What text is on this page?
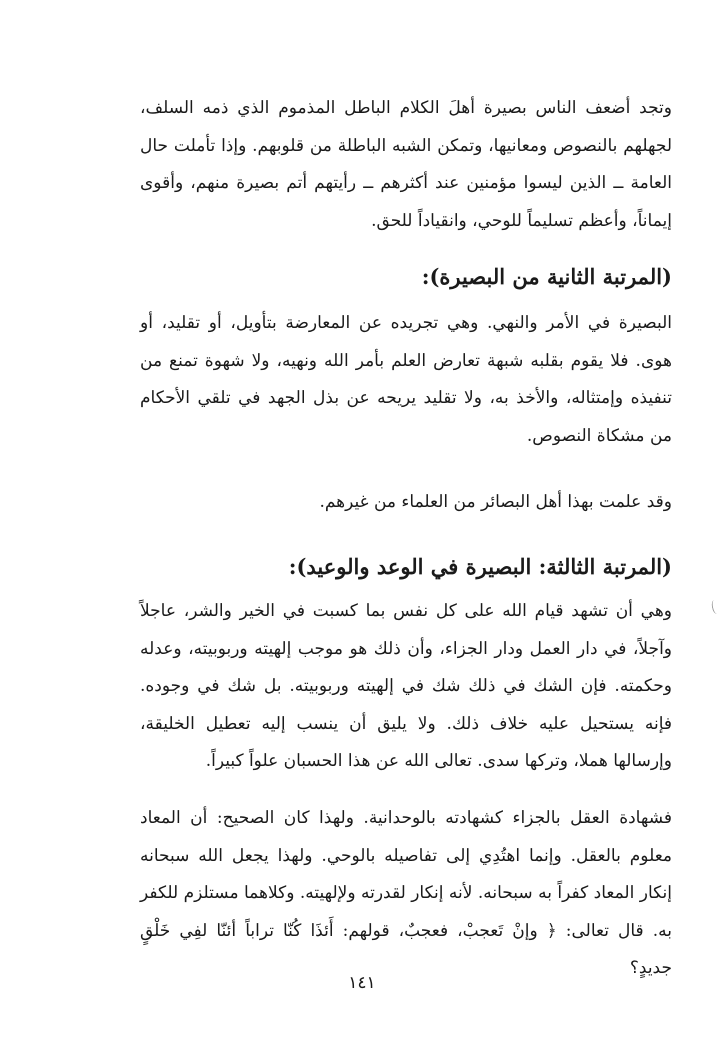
وتجد أضعف الناس بصيرة أهلَ الكلام الباطل المذموم الذي ذمه السلف، لجهلهم بالنصوص ومعانيها، وتمكن الشبه الباطلة من قلوبهم. وإذا تأملت حال العامة ــ الذين ليسوا مؤمنين عند أكثرهم ــ رأيتهم أتم بصيرة منهم، وأقوى إيماناً، وأعظم تسليماً للوحي، وانقياداً للحق.
(المرتبة الثانية من البصيرة):
البصيرة في الأمر والنهي. وهي تجريده عن المعارضة بتأويل، أو تقليد، أو هوى. فلا يقوم بقلبه شبهة تعارض العلم بأمر الله ونهيه، ولا شهوة تمنع من تنفيذه وإمتثاله، والأخذ به، ولا تقليد يريحه عن بذل الجهد في تلقي الأحكام من مشكاة النصوص.
وقد علمت بهذا أهل البصائر من العلماء من غيرهم.
(المرتبة الثالثة: البصيرة في الوعد والوعيد):
وهي أن تشهد قيام الله على كل نفس بما كسبت في الخير والشر، عاجلاً وآجلاً، في دار العمل ودار الجزاء، وأن ذلك هو موجب إلهيته وربوبيته، وعدله وحكمته. فإن الشك في ذلك شك في إلهيته وربوبيته. بل شك في وجوده. فإنه يستحيل عليه خلاف ذلك. ولا يليق أن ينسب إليه تعطيل الخليقة، وإرسالها هملا، وتركها سدى. تعالى الله عن هذا الحسبان علواً كبيراً.
فشهادة العقل بالجزاء كشهادته بالوحدانية. ولهذا كان الصحيح: أن المعاد معلوم بالعقل. وإنما اهتُدِي إلى تفاصيله بالوحي. ولهذا يجعل الله سبحانه إنكار المعاد كفراً به سبحانه. لأنه إنكار لقدرته ولإلهيته. وكلاهما مستلزم للكفر به. قال تعالى: ﴿ وإنْ تَعجبْ، فعجبٌ، قولهم: أَئذَا كُنّا تراباً أئنّا لفِي خَلْقٍ جديدٍ؟
١٤١
